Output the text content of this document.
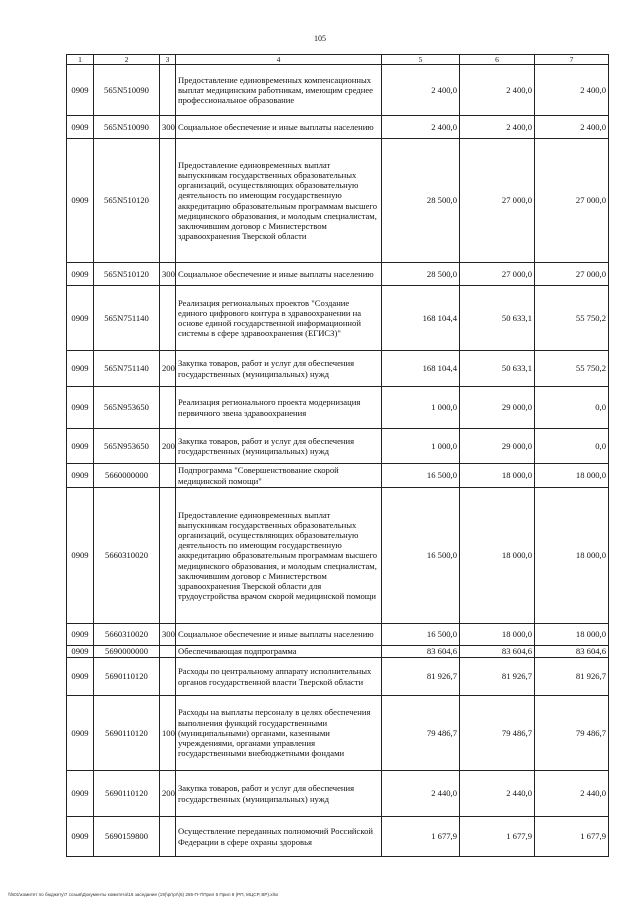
105
1	2	3	4	5	6	7
0909	565N510090		Предоставление единовременных компенсационных выплат медицинским работникам, имеющим среднее профессиональное образование	2 400,0	2 400,0	2 400,0
0909	565N510090	300	Социальное обеспечение и иные выплаты населению	2 400,0	2 400,0	2 400,0
0909	565N510120		Предоставление единовременных выплат выпускникам государственных образовательных организаций, осуществляющих образовательную деятельность по имеющим государственную аккредитацию образовательным программам высшего медицинского образования, и молодым специалистам, заключившим договор с Министерством здравоохранения Тверской области	28 500,0	27 000,0	27 000,0
0909	565N510120	300	Социальное обеспечение и иные выплаты населению	28 500,0	27 000,0	27 000,0
0909	565N751140		Реализация региональных проектов "Создание единого цифрового контура в здравоохранении на основе единой государственной информационной системы в сфере здравоохранения (ЕГИСЗ)"	168 104,4	50 633,1	55 750,2
0909	565N751140	200	Закупка товаров, работ и услуг для обеспечения государственных (муниципальных) нужд	168 104,4	50 633,1	55 750,2
0909	565N953650		Реализация регионального проекта модернизация первичного звена здравоохранения	1 000,0	29 000,0	0,0
0909	565N953650	200	Закупка товаров, работ и услуг для обеспечения государственных (муниципальных) нужд	1 000,0	29 000,0	0,0
0909	5660000000		Подпрограмма "Совершенствование скорой медицинской помощи"	16 500,0	18 000,0	18 000,0
0909	5660310020		Предоставление единовременных выплат выпускникам государственных образовательных организаций, осуществляющих образовательную деятельность по имеющим государственную аккредитацию образовательным программам высшего медицинского образования, и молодым специалистам, заключившим договор с Министерством здравоохранения Тверской области для трудоустройства врачом скорой медицинской помощи	16 500,0	18 000,0	18 000,0
0909	5660310020	300	Социальное обеспечение и иные выплаты населению	16 500,0	18 000,0	18 000,0
0909	5690000000		Обеспечивающая подпрограмма	83 604,6	83 604,6	83 604,6
0909	5690110120		Расходы по центральному аппарату исполнительных органов государственной власти Тверской области	81 926,7	81 926,7	81 926,7
0909	5690110120	100	Расходы на выплаты персоналу в целях обеспечения выполнения функций государственными (муниципальными) органами, казенными учреждениями, органами управления государственными внебюджетными фондами	79 486,7	79 486,7	79 486,7
0909	5690110120	200	Закупка товаров, работ и услуг для обеспечения государственных (муниципальных) нужд	2 440,0	2 440,0	2 440,0
0909	5690159800		Осуществление переданных полномочий Российской Федерации в сфере охраны здоровья	1 677,9	1 677,9	1 677,9
\\fs01\комитет по бюджету\7 созыв\Документы комитета\16 заседание (19)\pr\pr\(6) 265-П-7\Прил 6 Прил 8 (РП, МЦСР, ВР).xlsx
